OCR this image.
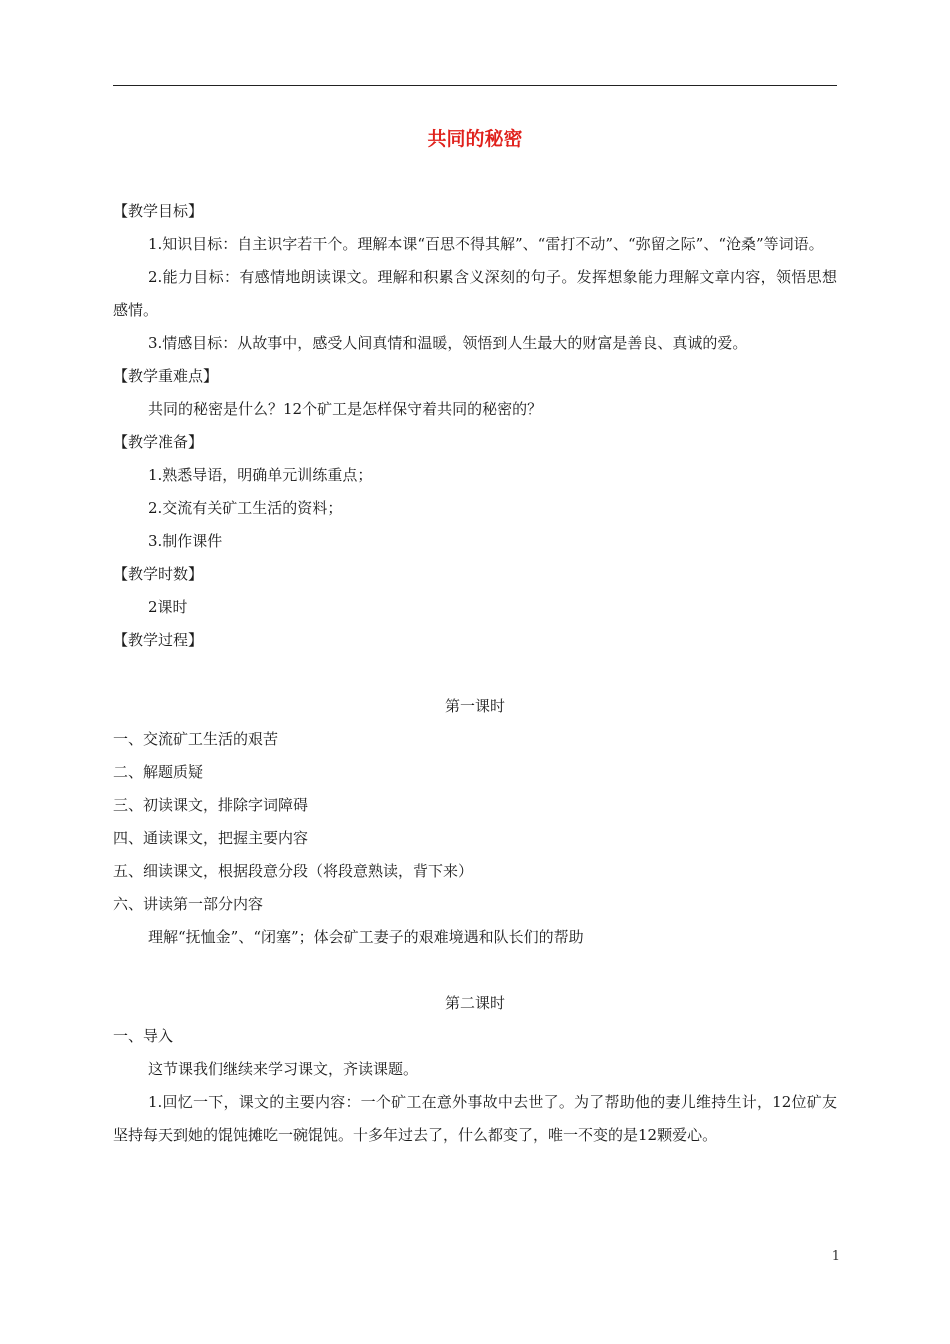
共同的秘密
【教学目标】
1.知识目标：自主识字若干个。理解本课“百思不得其解”、“雷打不动”、“弥留之际”、“沧桑”等词语。
2.能力目标：有感情地朗读课文。理解和积累含义深刻的句子。发挥想象能力理解文章内容，领悟思想感情。
3.情感目标：从故事中，感受人间真情和温暖，领悟到人生最大的财富是善良、真诚的爱。
【教学重难点】
共同的秘密是什么？12个矿工是怎样保守着共同的秘密的？
【教学准备】
1.熟悉导语，明确单元训练重点；
2.交流有关矿工生活的资料；
3.制作课件
【教学时数】
2课时
【教学过程】
第一课时
一、交流矿工生活的艰苦
二、解题质疑
三、初读课文，排除字词障碍
四、通读课文，把握主要内容
五、细读课文，根据段意分段（将段意熟读，背下来）
六、讲读第一部分内容
理解“抚恤金”、“闭塞”；体会矿工妻子的艰难境遇和队长们的帮助
第二课时
一、导入
这节课我们继续来学习课文，齐读课题。
1.回忆一下，课文的主要内容：一个矿工在意外事故中去世了。为了帮助他的妻儿维持生计，12位矿友坚持每天到她的馄饨摊吃一碗馄饨。十多年过去了，什么都变了，唯一不变的是12颗爱心。
1
